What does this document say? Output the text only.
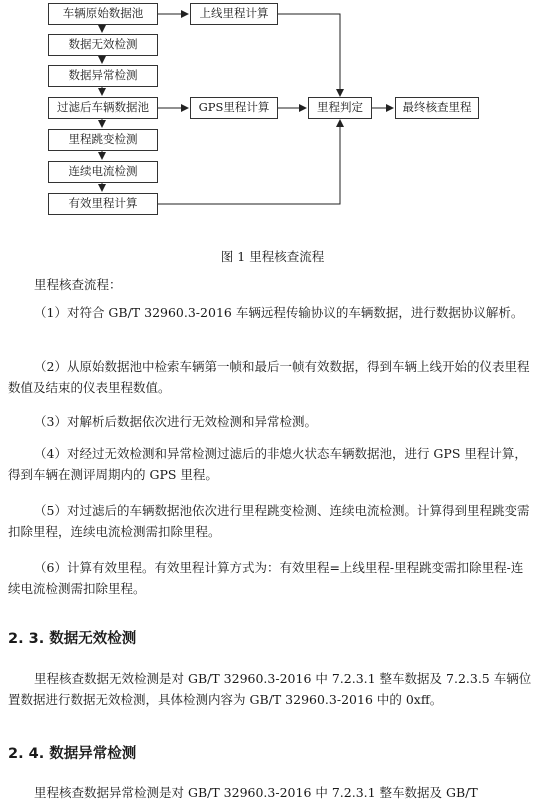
车辆原始数据池
数据无效检测
数据异常检测
过滤后车辆数据池
里程跳变检测
连续电流检测
有效里程计算
上线里程计算
GPS里程计算	里程判定	最终核查里程
图 1 里程核查流程

里程核查流程：

（1）对符合 GB/T 32960.3-2016 车辆远程传输协议的车辆数据，进行数据协议解析。

（2）从原始数据池中检索车辆第一帧和最后一帧有效数据，得到车辆上线开始的仪表里程数值及结束的仪表里程数值。

（3）对解析后数据依次进行无效检测和异常检测。

（4）对经过无效检测和异常检测过滤后的非熄火状态车辆数据池，进行 GPS 里程计算，得到车辆在测评周期内的 GPS 里程。

（5）对过滤后的车辆数据池依次进行里程跳变检测、连续电流检测。计算得到里程跳变需扣除里程，连续电流检测需扣除里程。

（6）计算有效里程。有效里程计算方式为：有效里程=上线里程-里程跳变需扣除里程-连续电流检测需扣除里程。

2. 3. 数据无效检测

里程核查数据无效检测是对 GB/T 32960.3-2016 中 7.2.3.1 整车数据及 7.2.3.5 车辆位置数据进行数据无效检测，具体检测内容为 GB/T 32960.3-2016 中的 0xff。

2. 4. 数据异常检测

里程核查数据异常检测是对 GB/T 32960.3-2016 中 7.2.3.1 整车数据及 GB/T
